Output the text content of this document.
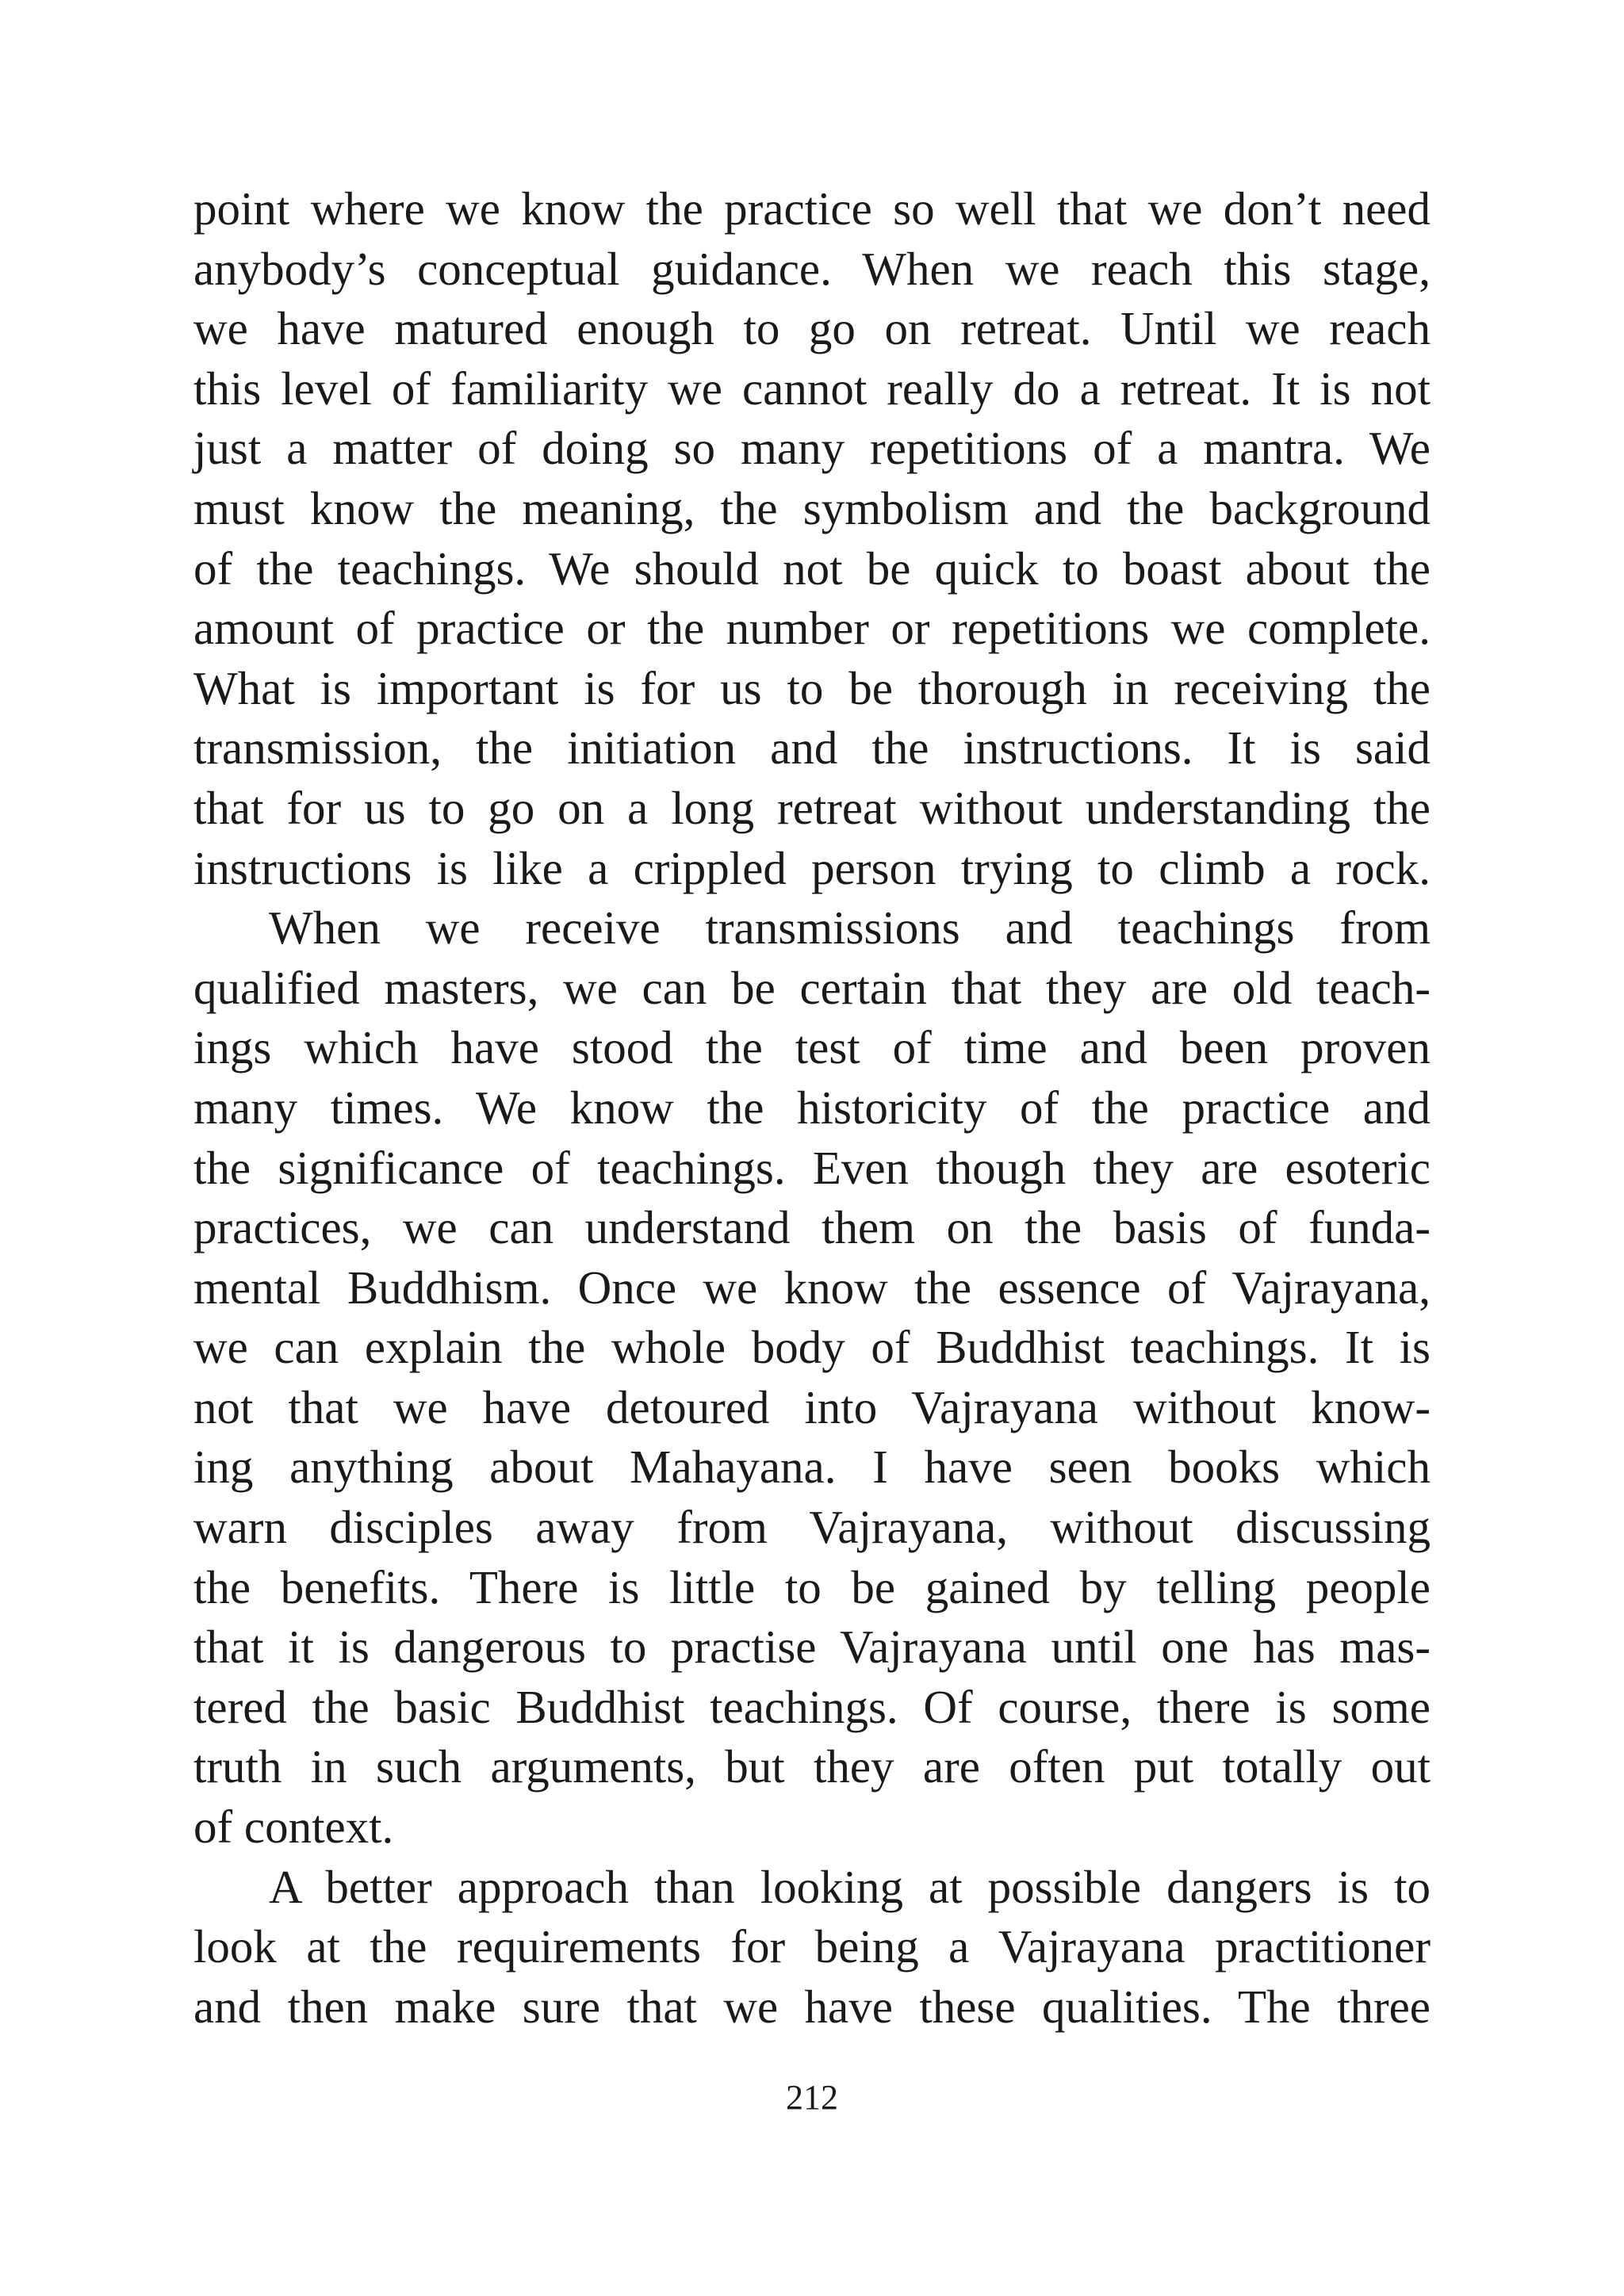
point where we know the practice so well that we don’t need
anybody’s conceptual guidance. When we reach this stage,
we have matured enough to go on retreat. Until we reach
this level of familiarity we cannot really do a retreat. It is not
just a matter of doing so many repetitions of a mantra. We
must know the meaning, the symbolism and the background
of the teachings. We should not be quick to boast about the
amount of practice or the number or repetitions we complete.
What is important is for us to be thorough in receiving the
transmission, the initiation and the instructions. It is said
that for us to go on a long retreat without understanding the
instructions is like a crippled person trying to climb a rock.

When we receive transmissions and teachings from
qualified masters, we can be certain that they are old teach-
ings which have stood the test of time and been proven
many times. We know the historicity of the practice and
the significance of teachings. Even though they are esoteric
practices, we can understand them on the basis of funda-
mental Buddhism. Once we know the essence of Vajrayana,
we can explain the whole body of Buddhist teachings. It is
not that we have detoured into Vajrayana without know-
ing anything about Mahayana. I have seen books which
warn disciples away from Vajrayana, without discussing
the benefits. There is little to be gained by telling people
that it is dangerous to practise Vajrayana until one has mas-
tered the basic Buddhist teachings. Of course, there is some
truth in such arguments, but they are often put totally out
of context.

A better approach than looking at possible dangers is to
look at the requirements for being a Vajrayana practitioner
and then make sure that we have these qualities. The three

212
